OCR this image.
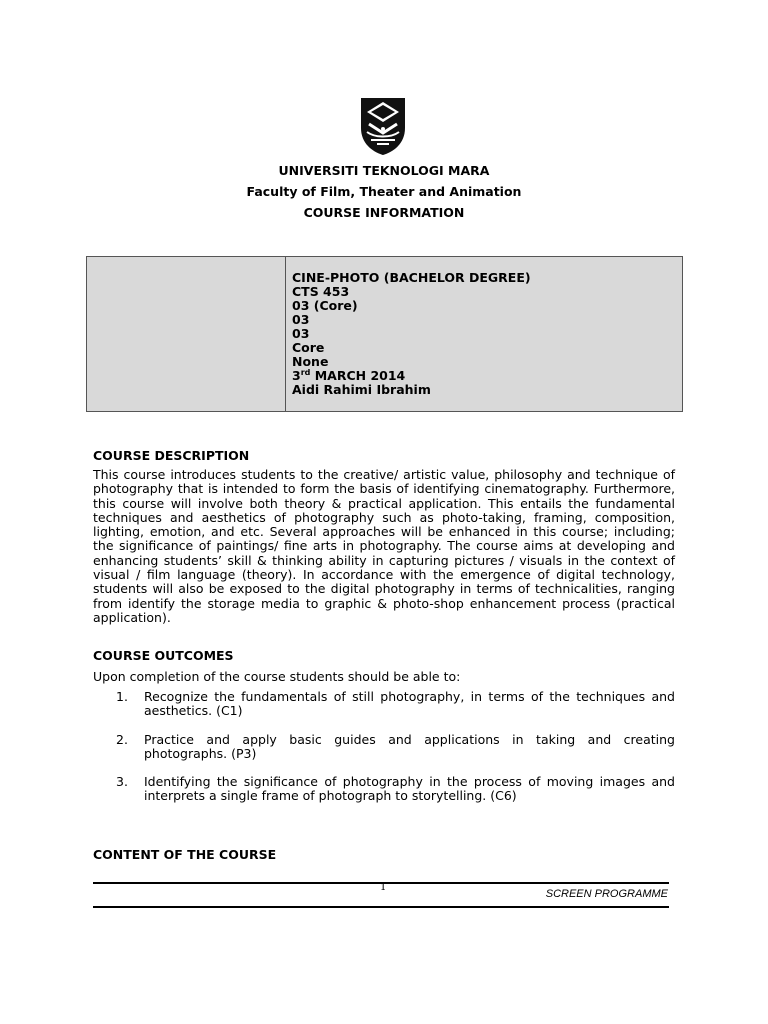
UNIVERSITI TEKNOLOGI MARA
Faculty of Film, Theater and Animation
COURSE INFORMATION
CINE-PHOTO (BACHELOR DEGREE)
CTS 453
03 (Core)
03
03
Core
None
3rd MARCH 2014
Aidi Rahimi Ibrahim
COURSE DESCRIPTION
This course introduces students to the creative/ artistic value, philosophy and technique of photography that is intended to form the basis of identifying cinematography. Furthermore, this course will involve both theory & practical application. This entails the fundamental techniques and aesthetics of photography such as photo-taking, framing, composition, lighting, emotion, and etc. Several approaches will be enhanced in this course; including; the significance of paintings/ fine arts in photography. The course aims at developing and enhancing students’ skill & thinking ability in capturing pictures / visuals in the context of visual / film language (theory). In accordance with the emergence of digital technology, students will also be exposed to the digital photography in terms of technicalities, ranging from identify the storage media to graphic & photo-shop enhancement process (practical application).
COURSE OUTCOMES
Upon completion of the course students should be able to:
1. Recognize the fundamentals of still photography, in terms of the techniques and aesthetics. (C1)
2. Practice and apply basic guides and applications in taking and creating photographs. (P3)
3. Identifying the significance of photography in the process of moving images and interprets a single frame of photograph to storytelling. (C6)
CONTENT OF THE COURSE
1
SCREEN PROGRAMME
